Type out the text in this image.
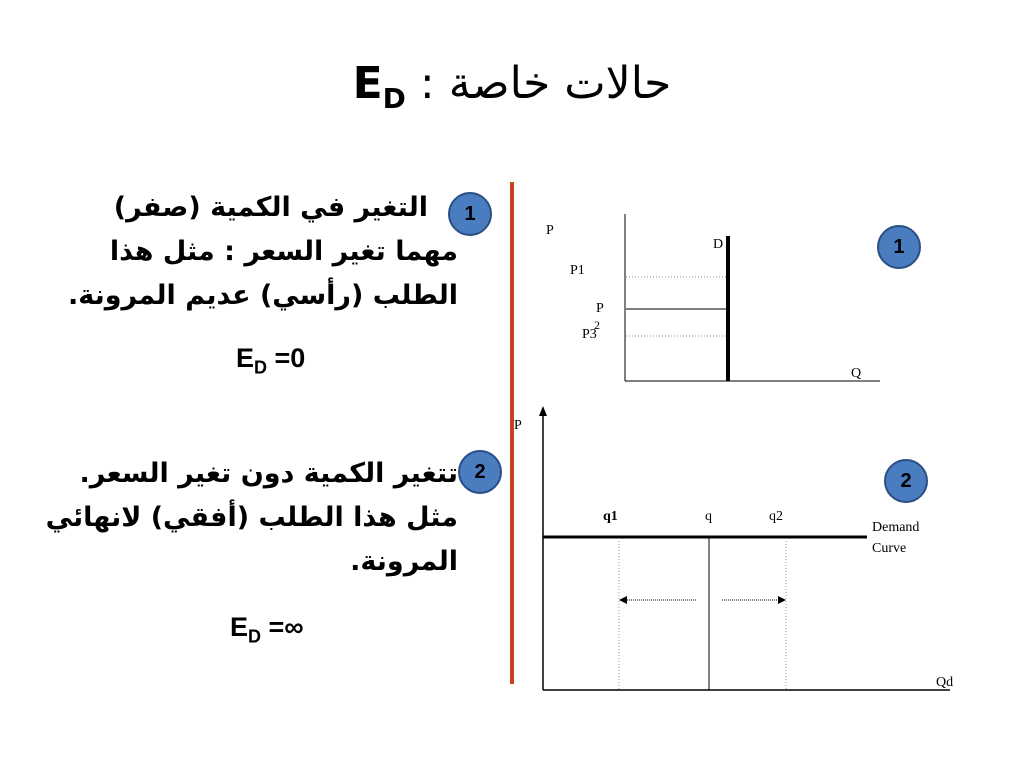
$E_D$ : حالات خاصة
التغير في الكمية (صفر)
مهما تغير السعر : مثل هذا
الطلب (رأسي) عديم المرونة.
$E_D =0$
1
تتغير الكمية دون تغير السعر.
مثل هذا الطلب (أفقي) لانهائي
المرونة.
$E_D$ =∞
2
P
D
P1
P
2
P3
Q
1
P
q1	q	q2
Demand
Curve
Qd
2
